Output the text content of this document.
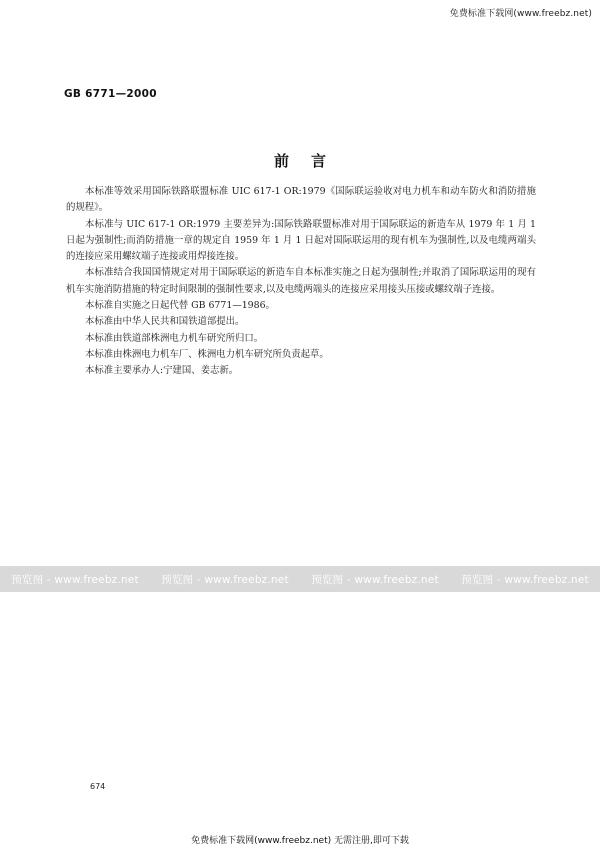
免费标准下载网(www.freebz.net)
GB 6771—2000
前言

本标准等效采用国际铁路联盟标准 UIC 617-1 OR:1979《国际联运验收对电力机车和动车防火和消防措施的规程》。

本标准与 UIC 617-1 OR:1979 主要差异为:国际铁路联盟标准对用于国际联运的新造车从 1979 年 1 月 1 日起为强制性;而消防措施一章的规定自 1959 年 1 月 1 日起对国际联运用的现有机车为强制性,以及电缆两端头的连接应采用螺纹端子连接或用焊接连接。

本标准结合我国国情规定对用于国际联运的新造车自本标准实施之日起为强制性;并取消了国际联运用的现有机车实施消防措施的特定时间限制的强制性要求,以及电缆两端头的连接应采用接头压接或螺纹端子连接。

本标准自实施之日起代替 GB 6771—1986。

本标准由中华人民共和国铁道部提出。

本标准由铁道部株洲电力机车研究所归口。

本标准由株洲电力机车厂、株洲电力机车研究所负责起草。

本标准主要承办人:宁建国、姜志新。

预览图 - www.freebz.net	预览图 - www.freebz.net	预览图 - www.freebz.net	预览图 - www.freebz.net
674
免费标准下载网(www.freebz.net) 无需注册,即可下载
